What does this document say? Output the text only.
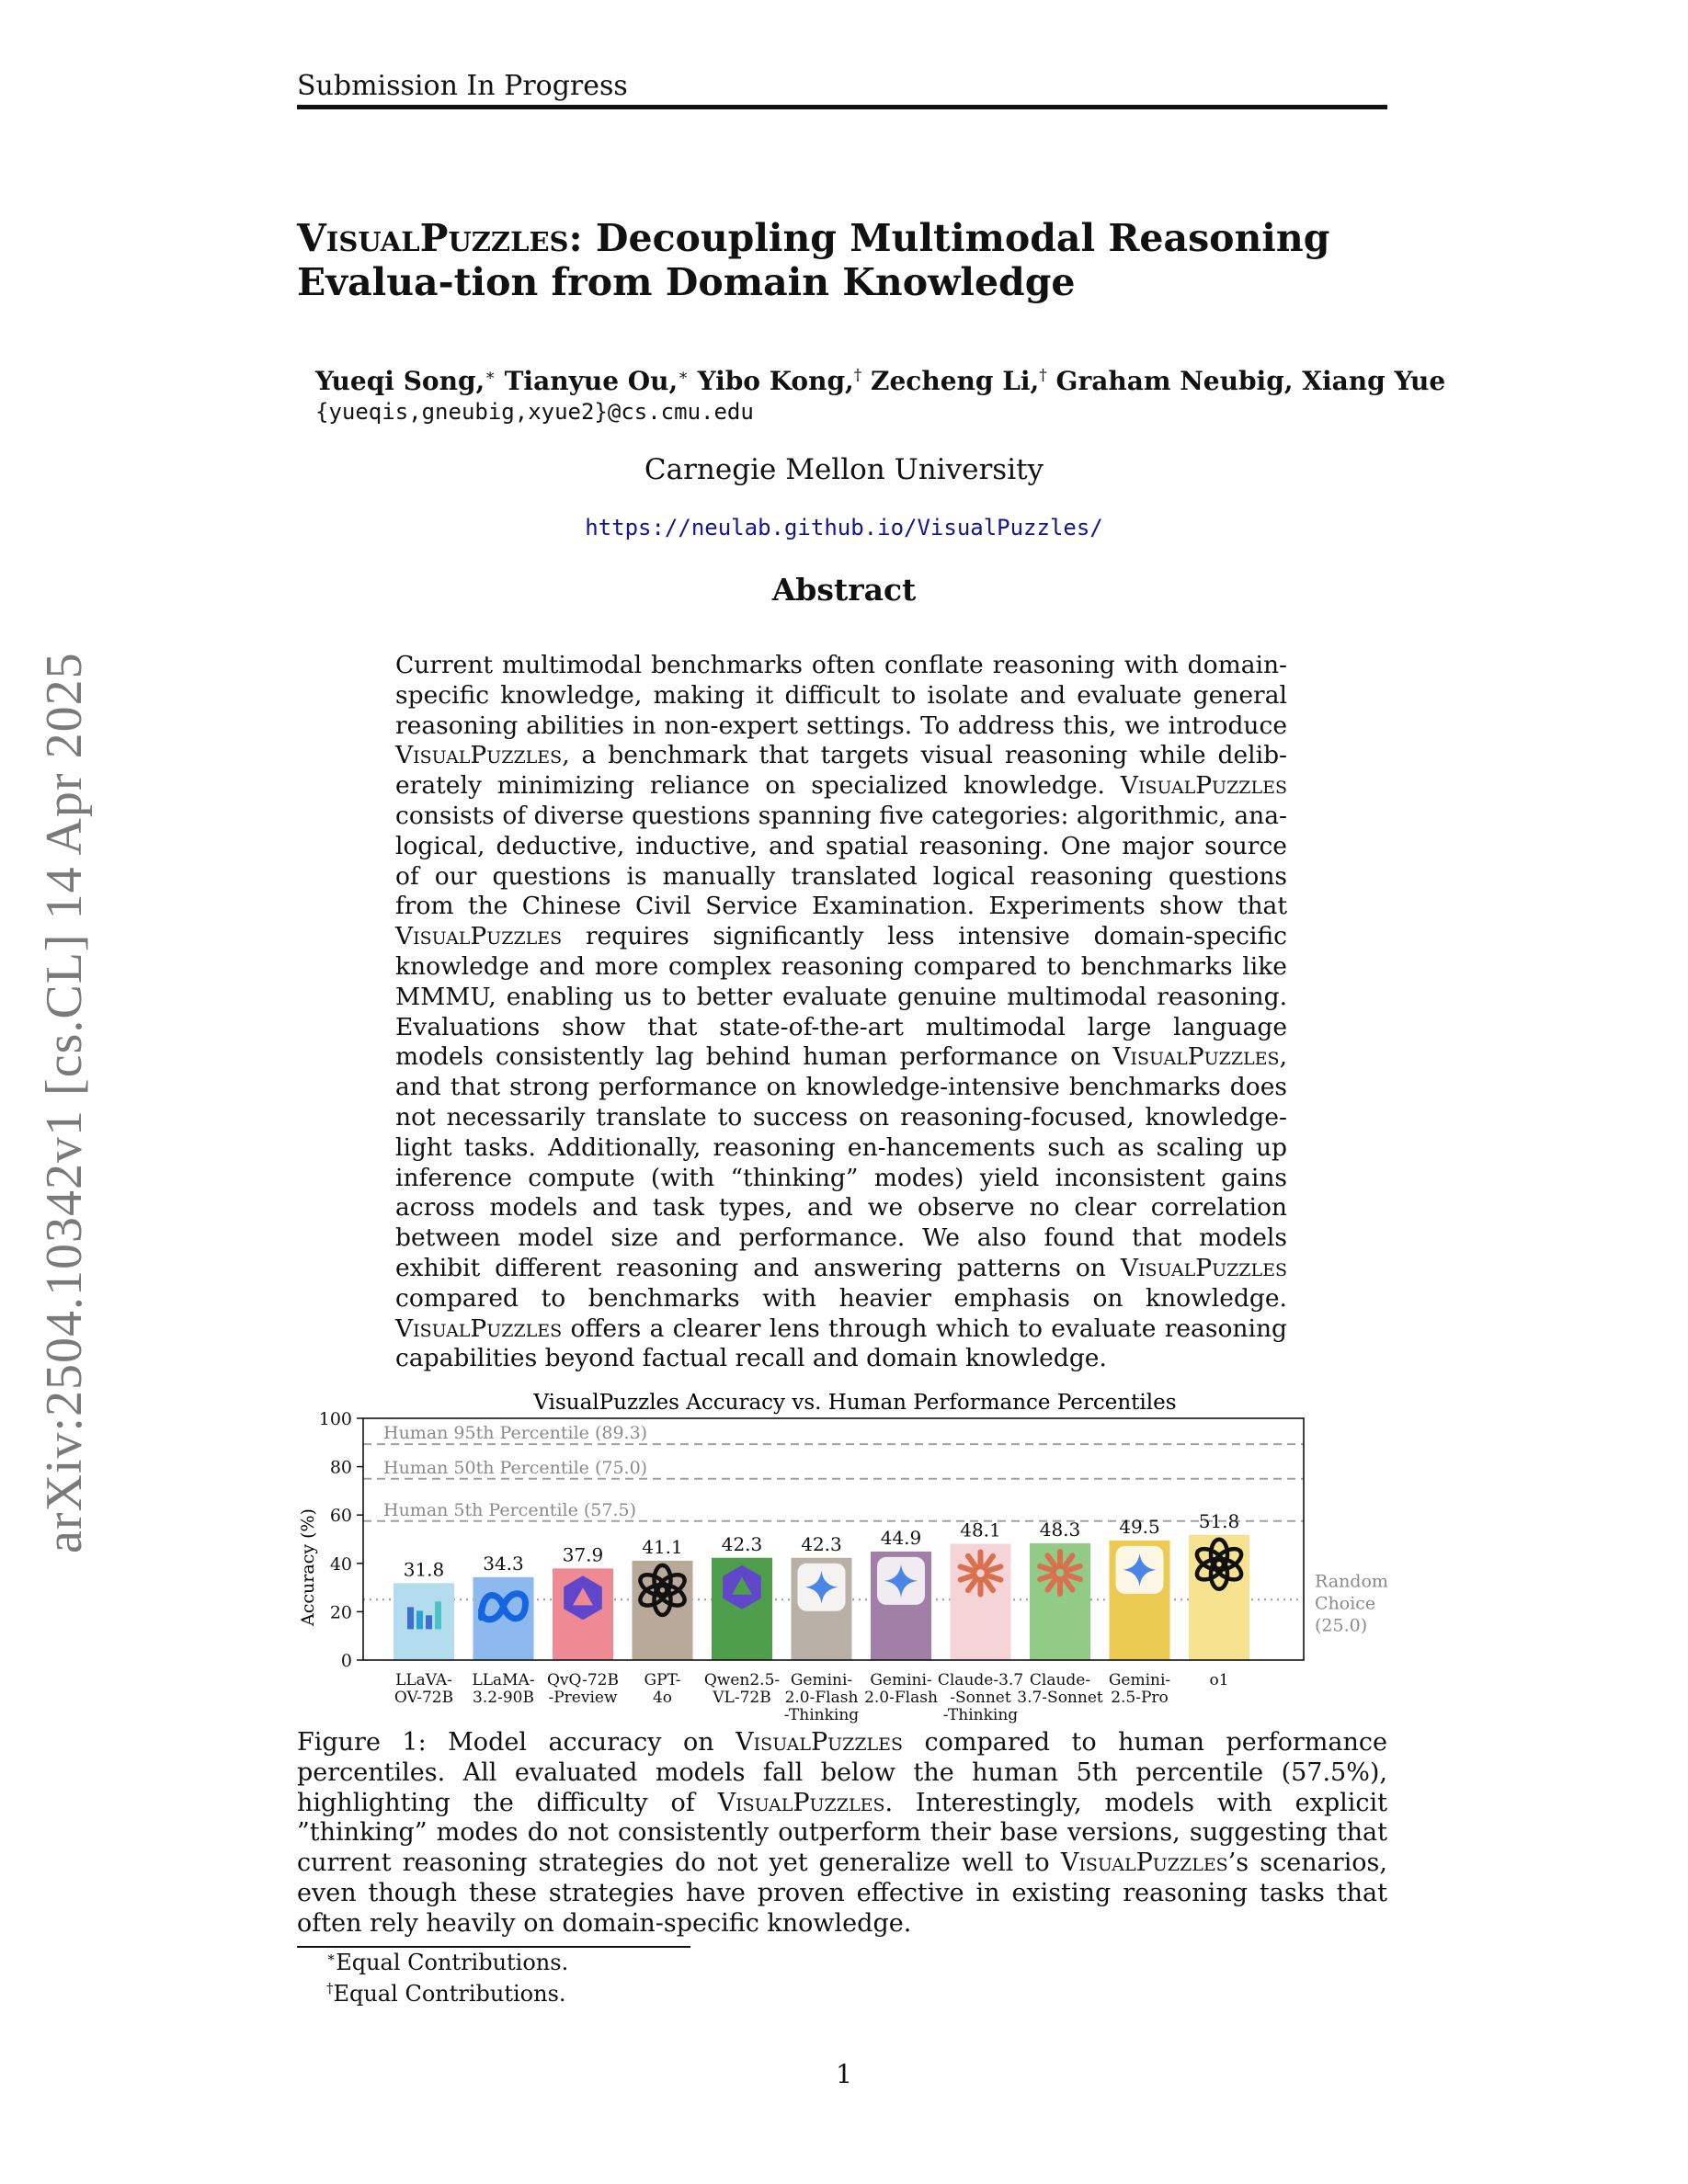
Submission In Progress
VisualPuzzles: Decoupling Multimodal Reasoning Evalua-tion from Domain Knowledge
Yueqi Song,∗ Tianyue Ou,∗ Yibo Kong,† Zecheng Li,† Graham Neubig, Xiang Yue
{yueqis,gneubig,xyue2}@cs.cmu.edu
Carnegie Mellon University
https://neulab.github.io/VisualPuzzles/
Abstract
Current multimodal benchmarks often conflate reasoning with domain-specific knowledge, making it difficult to isolate and evaluate general reasoning abilities in non-expert settings. To address this, we introduce VisualPuzzles, a benchmark that targets visual reasoning while delib-erately minimizing reliance on specialized knowledge. VisualPuzzles consists of diverse questions spanning five categories: algorithmic, ana-logical, deductive, inductive, and spatial reasoning. One major source of our questions is manually translated logical reasoning questions from the Chinese Civil Service Examination. Experiments show that VisualPuzzles requires significantly less intensive domain-specific knowledge and more complex reasoning compared to benchmarks like MMMU, enabling us to better evaluate genuine multimodal reasoning. Evaluations show that state-of-the-art multimodal large language models consistently lag behind human performance on VisualPuzzles, and that strong performance on knowledge-intensive benchmarks does not necessarily translate to success on reasoning-focused, knowledge-light tasks. Additionally, reasoning en-hancements such as scaling up inference compute (with “thinking” modes) yield inconsistent gains across models and task types, and we observe no clear correlation between model size and performance. We also found that models exhibit different reasoning and answering patterns on VisualPuzzles compared to benchmarks with heavier emphasis on knowledge. VisualPuzzles offers a clearer lens through which to evaluate reasoning capabilities beyond factual recall and domain knowledge.
arXiv:2504.10342v1 [cs.CL] 14 Apr 2025	VisualPuzzles Accuracy vs. Human Performance Percentiles
Accuracy (%)
Human 95th Percentile (89.3)
Human 50th Percentile (75.0)
Human 5th Percentile (57.5)
Random
Choice
(25.0)
31.8 34.3 37.9 41.1 42.3 42.3 44.9 48.1 48.3 49.5 51.8
LLaVA-
OV-72B
LLaMA-
3.2-90B
QvQ-72B
-Preview
GPT-
4o
Qwen2.5-
VL-72B
Gemini-
2.0-Flash
-Thinking
Gemini-
2.0-Flash
Claude-3.7
-Sonnet
-Thinking
Claude-
3.7-Sonnet
Gemini-
2.5-Pro
o1
0
20
40
60
80
100
Figure 1: Model accuracy on VisualPuzzles compared to human performance percentiles. All evaluated models fall below the human 5th percentile (57.5%), highlighting the difficulty of VisualPuzzles. Interestingly, models with explicit ”thinking” modes do not consistently outperform their base versions, suggesting that current reasoning strategies do not yet generalize well to VisualPuzzles’s scenarios, even though these strategies have proven effective in existing reasoning tasks that often rely heavily on domain-specific knowledge.
∗Equal Contributions.
†Equal Contributions.
1
